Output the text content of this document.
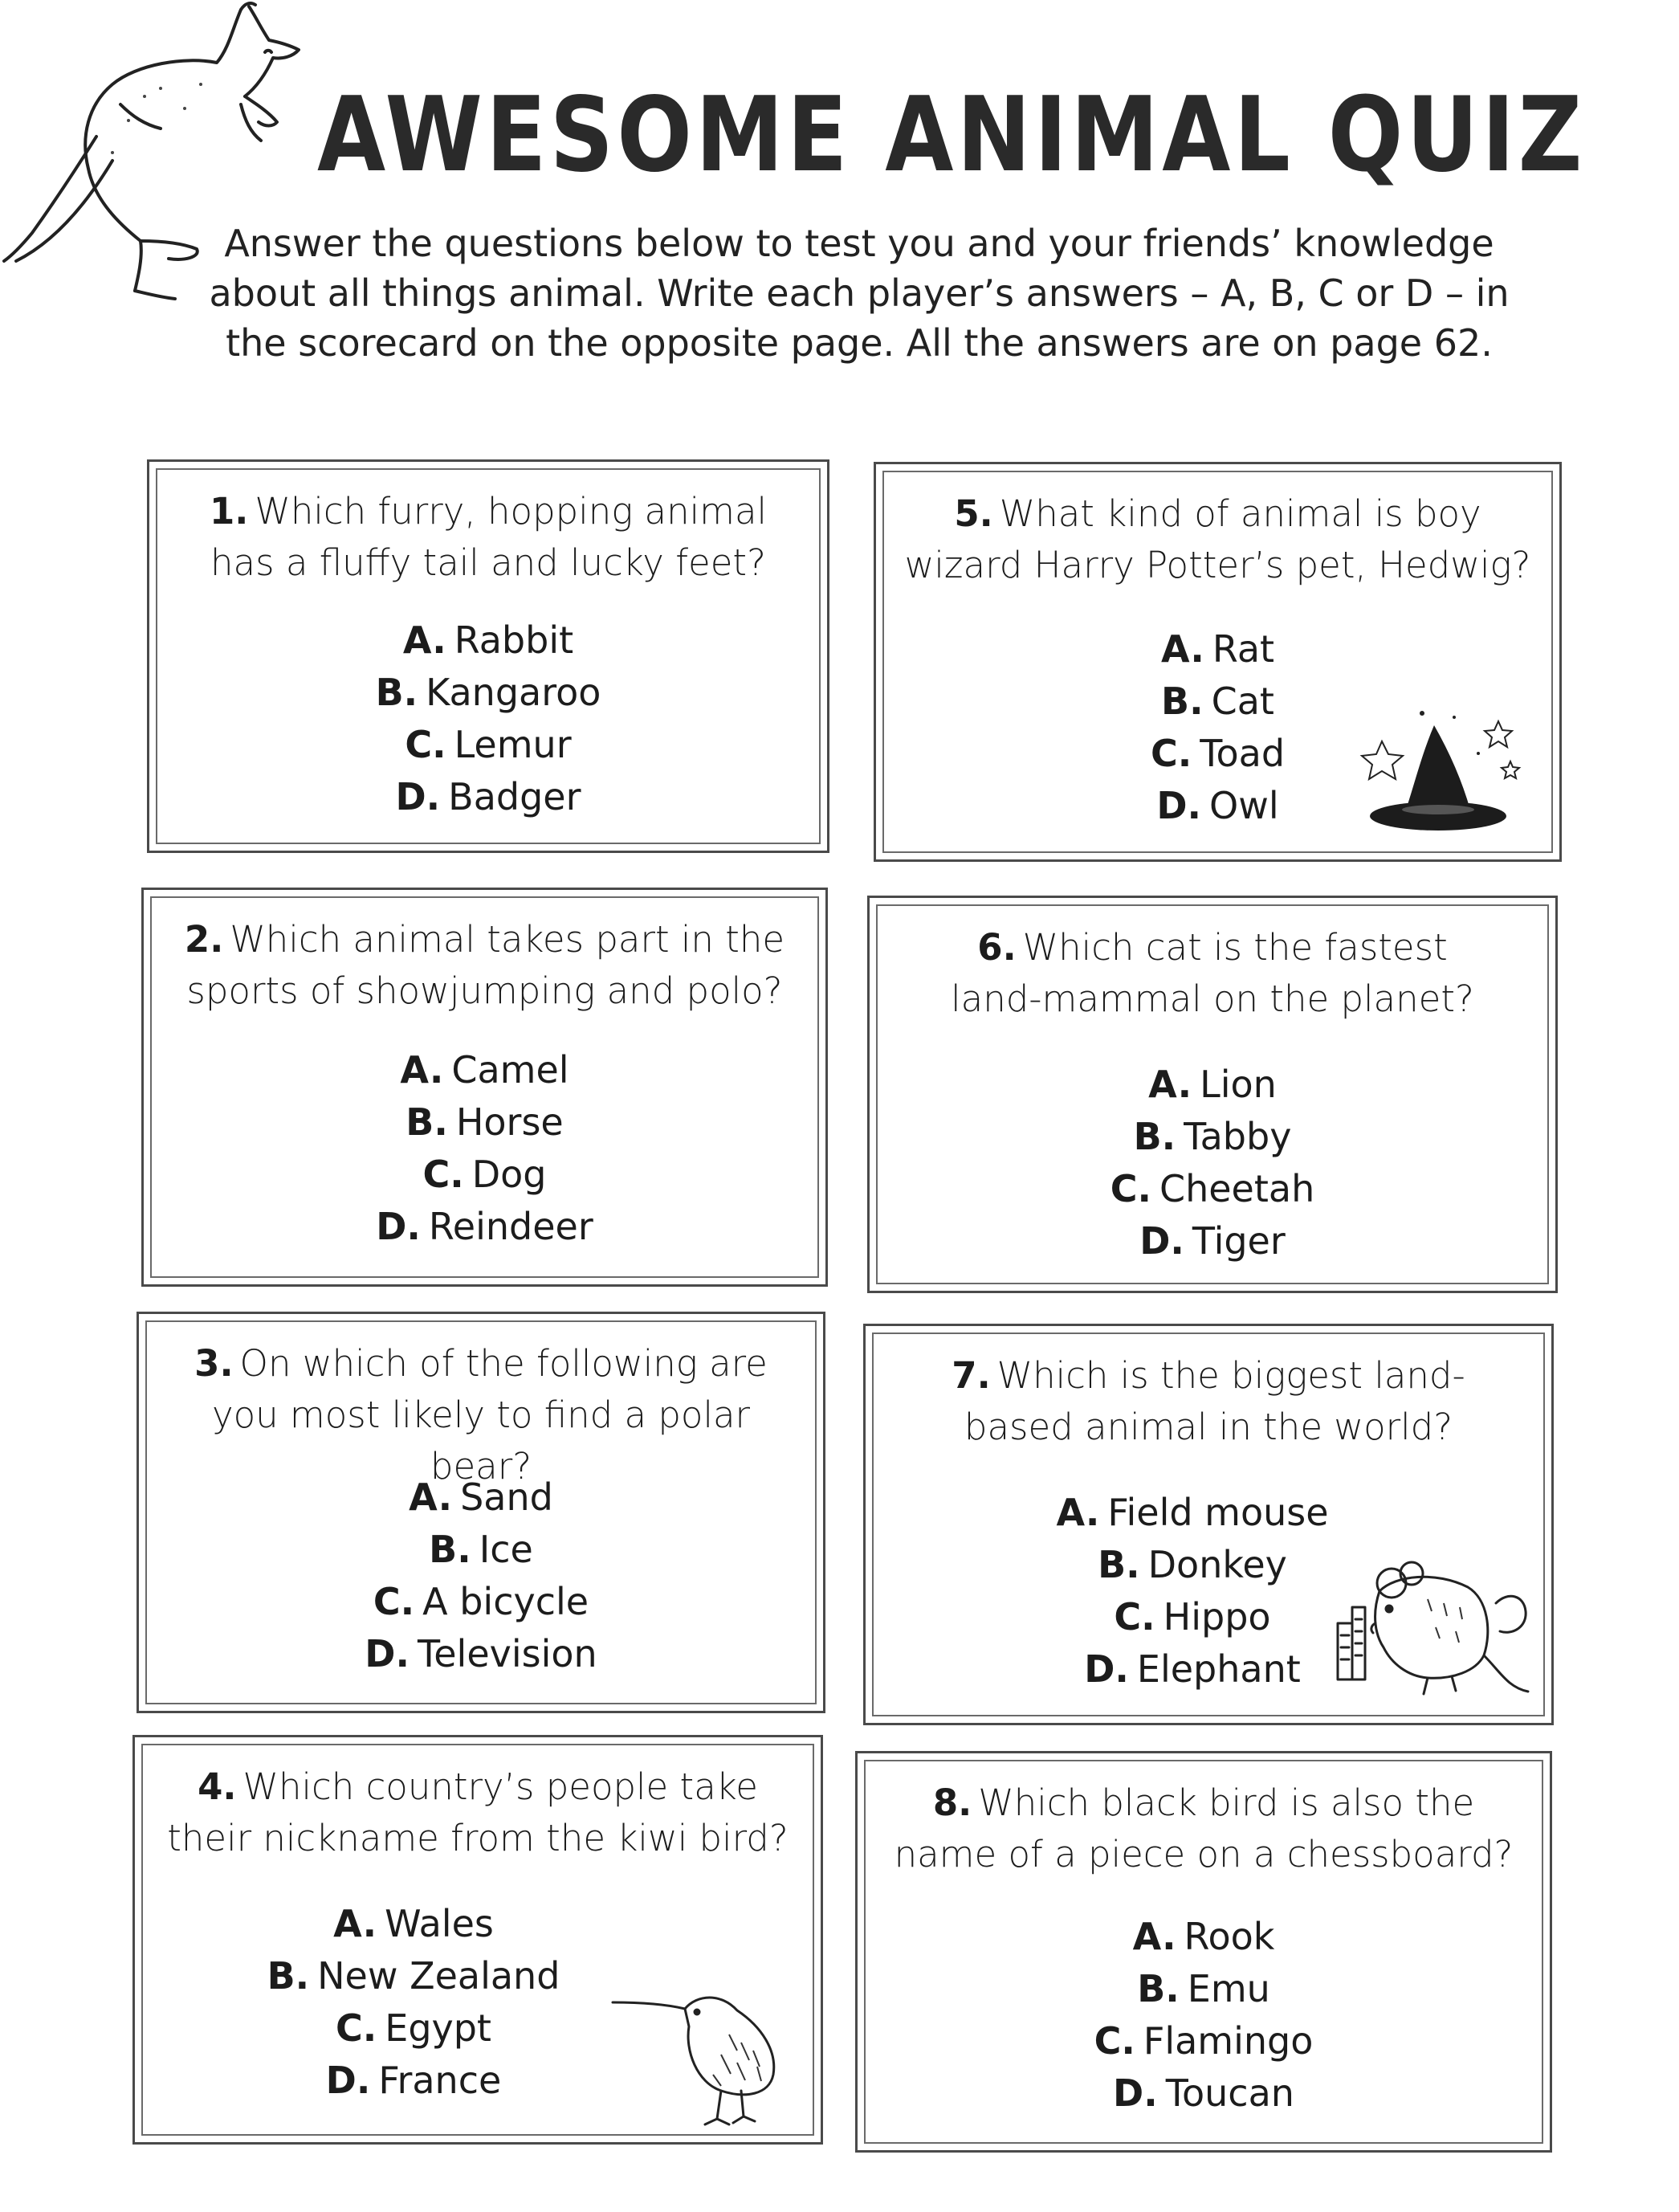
AWESOME ANIMAL QUIZ
Answer the questions below to test you and your friends’ knowledge
about all things animal. Write each player’s answers – A, B, C or D – in
the scorecard on the opposite page. All the answers are on page 62.
1. Which furry, hopping animal has a fluffy tail and lucky feet?
A. Rabbit
B. Kangaroo
C. Lemur
D. Badger
2. Which animal takes part in the sports of showjumping and polo?
A. Camel
B. Horse
C. Dog
D. Reindeer
3. On which of the following are you most likely to find a polar bear?
A. Sand
B. Ice
C. A bicycle
D. Television
4. Which country’s people take their nickname from the kiwi bird?
A. Wales
B. New Zealand
C. Egypt
D. France
5. What kind of animal is boy wizard Harry Potter’s pet, Hedwig?
A. Rat
B. Cat
C. Toad
D. Owl
6. Which cat is the fastest land-mammal on the planet?
A. Lion
B. Tabby
C. Cheetah
D. Tiger
7. Which is the biggest land-based animal in the world?
A. Field mouse
B. Donkey
C. Hippo
D. Elephant
8. Which black bird is also the name of a piece on a chessboard?
A. Rook
B. Emu
C. Flamingo
D. Toucan
